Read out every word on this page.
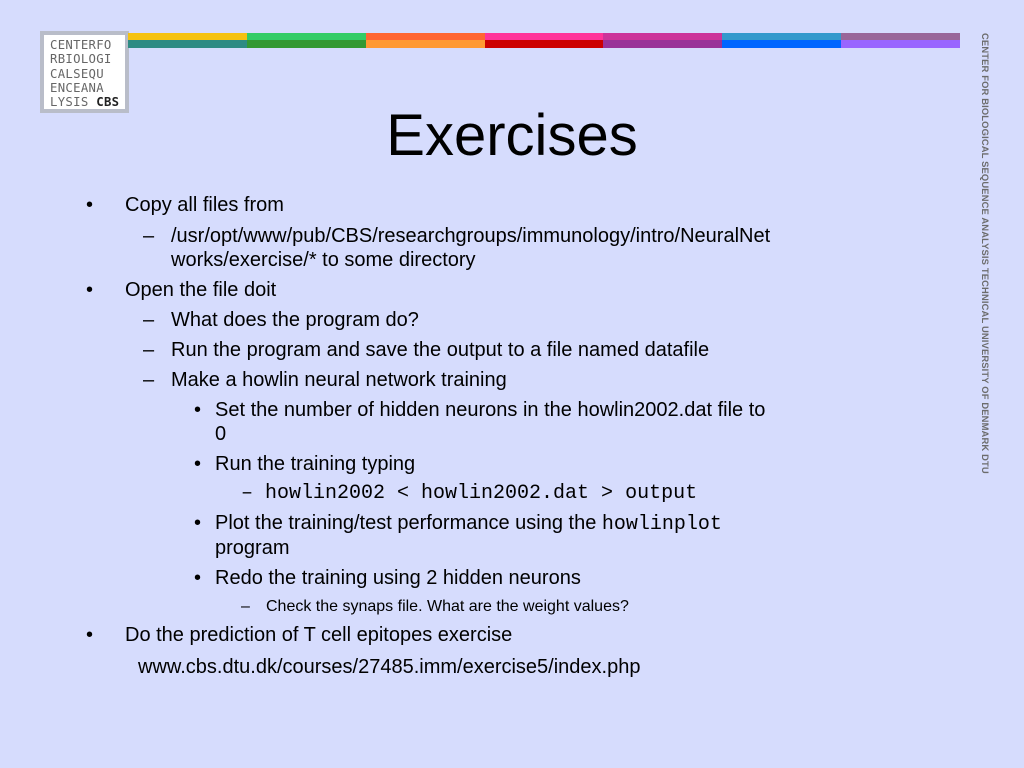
CENTERFO
RBIOLOGI
CALSEQU
ENCEANA
LYSIS CBS	CENTER FOR BIOLOGICAL SEQUENCE ANALYSIS TECHNICAL UNIVERSITY OF DENMARK DTU
Exercises
• Copy all files from
– /usr/opt/www/pub/CBS/researchgroups/immunology/intro/NeuralNet
works/exercise/* to some directory
• Open the file doit
– What does the program do?
– Run the program and save the output to a file named datafile
– Make a howlin neural network training
• Set the number of hidden neurons in the howlin2002.dat file to
0
• Run the training typing
– howlin2002 < howlin2002.dat > output
• Plot the training/test performance using the howlinplot
program
• Redo the training using 2 hidden neurons
– Check the synaps file. What are the weight values?
• Do the prediction of T cell epitopes exercise
www.cbs.dtu.dk/courses/27485.imm/exercise5/index.php
